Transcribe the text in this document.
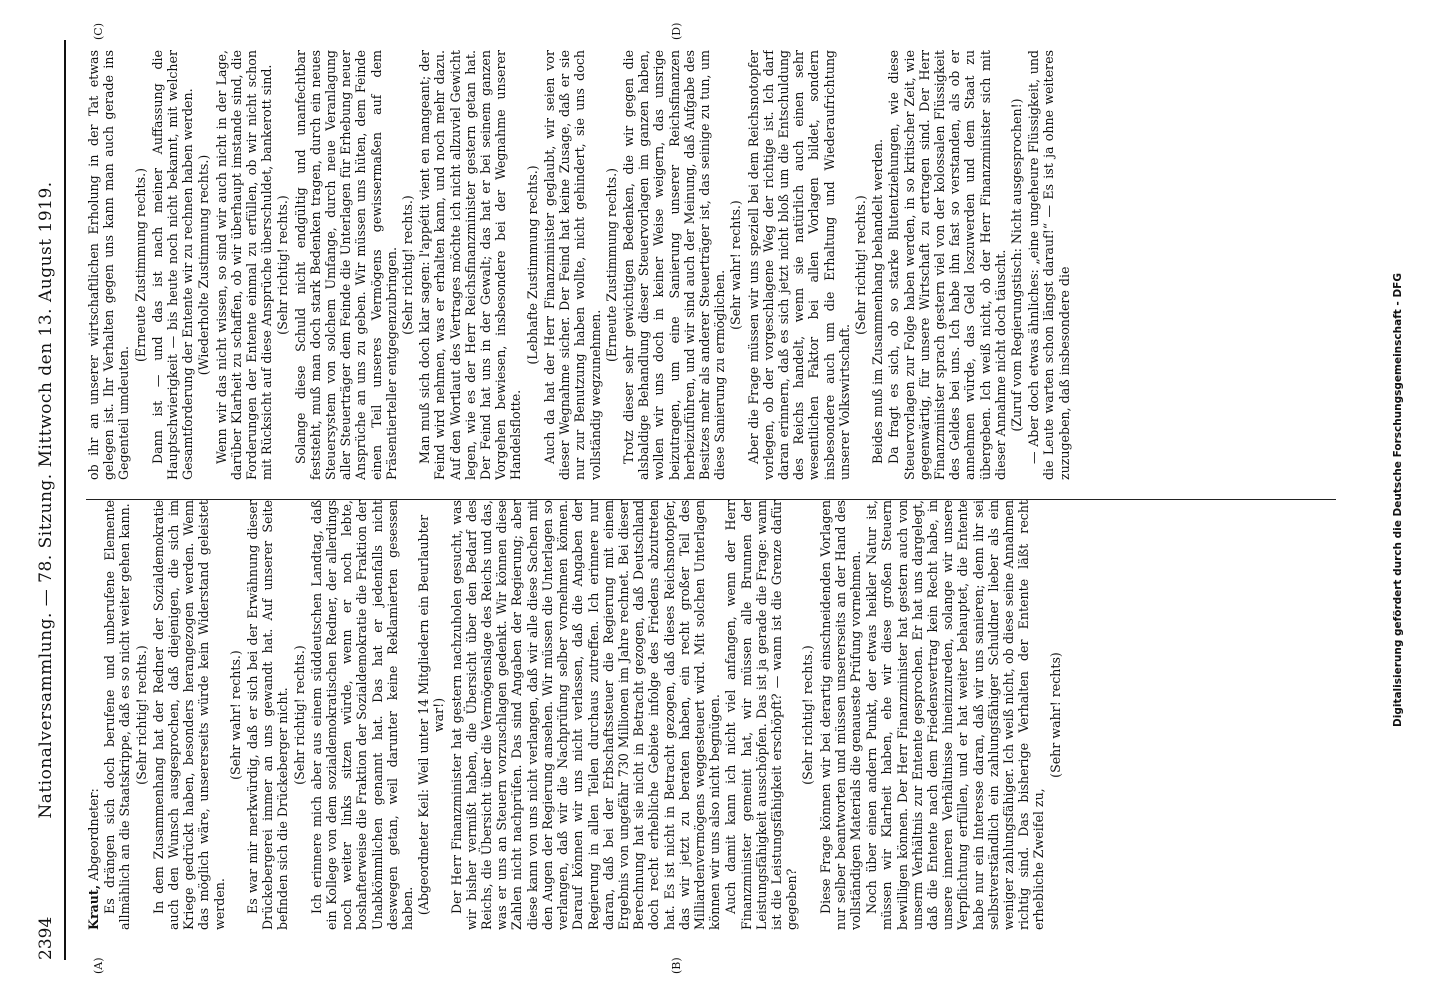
2394
Nationalversammlung. — 78. Sitzung. Mittwoch den 13. August 1919.
(A)	(B)
(C)	(D)

Kraut, Abgeordneter: Es drängen sich doch berufene und unberufene Elemente allmählich an die Staatskrippe, daß es so nicht weiter gehen kann. (Sehr richtig! rechts.) In dem Zusammenhang hat der Redner der Sozialdemokratie auch den Wunsch ausgesprochen, daß diejenigen, die sich im Kriege gedrückt haben, besonders herangezogen werden. Wenn das möglich wäre, unsererseits würde kein Widerstand geleistet werden.

(Sehr wahr! rechts.) Es war mir merkwürdig, daß er sich bei der Erwähnung dieser Drückebergerei immer an uns gewandt hat. Auf unserer Seite befinden sich die Drückeberger nicht. (Sehr richtig! rechts.) Ich erinnere mich aber aus einem süddeutschen Landtag, daß ein Kollege von dem sozialdemokratischen Redner, der allerdings noch weiter links sitzen würde, wenn er noch lebte, boshafterweise die Fraktion der Sozialdemokratie die Fraktion der Unabkömmlichen genannt hat. Das hat er jedenfalls nicht deswegen getan, weil darunter keine Reklamierten gesessen haben. (Abgeordneter Keil: Weil unter 14 Mitgliedern ein Beurlaubter war!) Der Herr Finanzminister hat gestern nachzuholen gesucht, was wir bisher vermißt haben, die Übersicht über den Bedarf des Reichs, die Übersicht über die Vermögenslage des Reichs und das, was er uns an Steuern vorzuschlagen gedenkt. Wir können diese Zahlen nicht nachprüfen. Das sind Angaben der Regierung; aber diese kann von uns nicht verlangen, daß wir alle diese Sachen mit den Augen der Regierung ansehen. Wir müssen die Unterlagen so verlangen, daß wir die Nachprüfung selber vornehmen können. Darauf können wir uns nicht verlassen, daß die Angaben der Regierung in allen Teilen durchaus zutreffen. Ich erinnere nur daran, daß bei der Erbschaftssteuer die Regierung mit einem Ergebnis von ungefähr 730 Millionen im Jahre rechnet. Bei dieser Berechnung hat sie nicht in Betracht gezogen, daß Deutschland doch recht erhebliche Gebiete infolge des Friedens abzutreten hat. Es ist nicht in Betracht gezogen, daß dieses Reichsnotopfer, das wir jetzt zu beraten haben, ein recht großer Teil des Milliardenvermögens weggesteuert wird. Mit solchen Unterlagen können wir uns also nicht begnügen. Auch damit kann ich nicht viel anfangen, wenn der Herr Finanzminister gemeint hat, wir müssen alle Brunnen der Leistungsfähigkeit ausschöpfen. Das ist ja gerade die Frage: wann ist die Leistungsfähigkeit erschöpft? — wann ist die Grenze dafür gegeben?

(Sehr richtig! rechts.) Diese Frage können wir bei derartig einschneidenden Vorlagen nur selber beantworten und müssen unsererseits an der Hand des vollständigen Materials die genaueste Prüfung vornehmen. Noch über einen andern Punkt, der etwas heikler Natur ist, müssen wir Klarheit haben, ehe wir diese großen Steuern bewilligen können. Der Herr Finanzminister hat gestern auch von unserm Verhältnis zur Entente gesprochen. Er hat uns dargelegt, daß die Entente nach dem Friedensvertrag kein Recht habe, in unsere inneren Verhältnisse hineinzureden, solange wir unsere Verpflichtung erfüllen, und er hat weiter behauptet, die Entente habe nur ein Interesse daran, daß wir uns sanieren; denn ihr sei selbstverständlich ein zahlungsfähiger Schuldner lieber als ein weniger zahlungsfähiger. Ich weiß nicht, ob diese seine Annahmen richtig sind. Das bisherige Verhalten der Entente läßt recht erhebliche Zweifel zu,

(Sehr wahr! rechts)

ob ihr an unserer wirtschaftlichen Erholung in der Tat etwas gelegen ist. Ihr Verhalten gegen uns kann man auch gerade ins Gegenteil umdeuten.

(Erneute Zustimmung rechts.) Dann ist — und das ist nach meiner Auffassung die Hauptschwierigkeit — bis heute noch nicht bekannt, mit welcher Gesamtforderung der Entente wir zu rechnen haben werden. (Wiederholte Zustimmung rechts.) Wenn wir das nicht wissen, so sind wir auch nicht in der Lage, darüber Klarheit zu schaffen, ob wir überhaupt imstande sind, die Forderungen der Entente einmal zu erfüllen, ob wir nicht schon mit Rücksicht auf diese Ansprüche überschuldet, bankerott sind. (Sehr richtig! rechts.) Solange diese Schuld nicht endgültig und unanfechtbar feststeht, muß man doch stark Bedenken tragen, durch ein neues Steuersystem von solchem Umfange, durch neue Veranlagung aller Steuerträger dem Feinde die Unterlagen für Erhebung neuer Ansprüche an uns zu geben. Wir müssen uns hüten, dem Feinde einen Teil unseres Vermögens gewissermaßen auf dem Präsentierteller entgegenzubringen. (Sehr richtig! rechts.) Man muß sich doch klar sagen: l'appétit vient en mangeant; der Feind wird nehmen, was er erhalten kann, und noch mehr dazu. Auf den Wortlaut des Vertrages möchte ich nicht allzuviel Gewicht legen, wie es der Herr Reichsfinanzminister gestern getan hat. Der Feind hat uns in der Gewalt; das hat er bei seinem ganzen Vorgehen bewiesen, insbesondere bei der Wegnahme unserer Handelsflotte.

(Lebhafte Zustimmung rechts.) Auch da hat der Herr Finanzminister geglaubt, wir seien vor dieser Wegnahme sicher. Der Feind hat keine Zusage, daß er sie nur zur Benutzung haben wollte, nicht gehindert, sie uns doch vollständig wegzunehmen.

(Erneute Zustimmung rechts.) Trotz dieser sehr gewichtigen Bedenken, die wir gegen die alsbaldige Behandlung dieser Steuervorlagen im ganzen haben, wollen wir uns doch in keiner Weise weigern, das unsrige beizutragen, um eine Sanierung unserer Reichsfinanzen herbeizuführen, und wir sind auch der Meinung, daß Aufgabe des Besitzes mehr als anderer Steuerträger ist, das seinige zu tun, um diese Sanierung zu ermöglichen.

(Sehr wahr! rechts.) Aber die Frage müssen wir uns speziell bei dem Reichsnotopfer vorlegen, ob der vorgeschlagene Weg der richtige ist. Ich darf daran erinnern, daß es sich jetzt nicht bloß um die Entschuldung des Reichs handelt, wenn sie natürlich auch einen sehr wesentlichen Faktor bei allen Vorlagen bildet, sondern insbesondere auch um die Erhaltung und Wiederaufrichtung unserer Volkswirtschaft.

(Sehr richtig! rechts.) Beides muß im Zusammenhang behandelt werden. Da fragt es sich, ob so starke Blutentziehungen, wie diese Steuervorlagen zur Folge haben werden, in so kritischer Zeit, wie gegenwärtig, für unsere Wirtschaft zu ertragen sind. Der Herr Finanzminister sprach gestern viel von der kolossalen Flüssigkeit des Geldes bei uns. Ich habe ihn fast so verstanden, als ob er annehmen würde, das Geld loszuwerden und dem Staat zu übergeben. Ich weiß nicht, ob der Herr Finanzminister sich mit dieser Annahme nicht doch täuscht. (Zuruf vom Regierungstisch: Nicht ausgesprochen!) — Aber doch etwas ähnliches: „eine ungeheure Flüssigkeit, und die Leute warten schon längst darauf!“ — Es ist ja ohne weiteres zuzugeben, daß insbesondere die	Digitalisierung gefördert durch die Deutsche Forschungsgemeinschaft - DFG
